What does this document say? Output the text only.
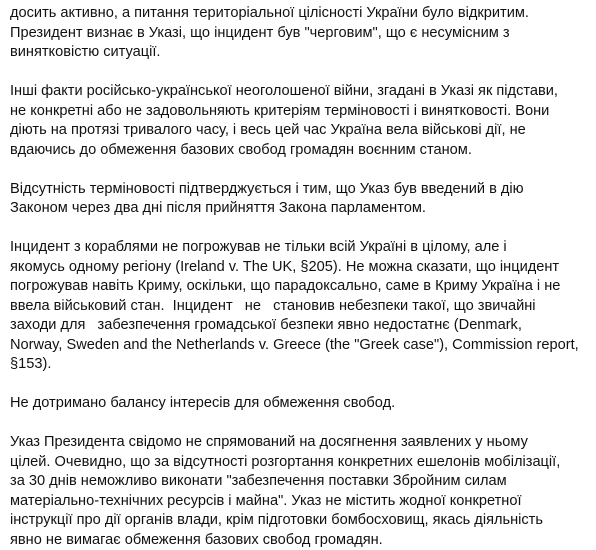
досить активно, а питання територіальної цілісності України було відкритим.
Президент визнає в Указі, що інцидент був "черговим", що є несумісним з
винятковістю ситуації.

Інші факти російсько-української неоголошеної війни, згадані в Указі як підстави,
не конкретні або не задовольняють критеріям терміновості і винятковості. Вони
діють на протязі тривалого часу, і весь цей час Україна вела військові дії, не
вдаючись до обмеження базових свобод громадян воєнним станом.

Відсутність терміновості підтверджується і тим, що Указ був введений в дію
Законом через два дні після прийняття Закона парламентом.

Інцидент з кораблями не погрожував не тільки всій Україні в цілому, але і
якомусь одному регіону (Ireland v. The UK, §205). Не можна сказати, що інцидент
погрожував навіть Криму, оскільки, що парадоксально, саме в Криму Україна і не
ввела військовий стан.  Інцидент   не   становив небезпеки такої, що звичайні
заходи для   забезпечення громадської безпеки явно недостатнє (Denmark,
Norway, Sweden and the Netherlands v. Greece (the "Greek case"), Commission report,
§153).

Не дотримано балансу інтересів для обмеження свобод.

Указ Президента свідомо не спрямований на досягнення заявлених у ньому
цілей. Очевидно, що за відсутності розгортання конкретних ешелонів мобілізації,
за 30 днів неможливо виконати "забезпечення поставки Збройним силам
матеріально-технічних ресурсів і майна". Указ не містить жодної конкретної
інструкції про дії органів влади, крім підготовки бомбосховищ, якась діяльність
явно не вимагає обмеження базових свобод громадян.
